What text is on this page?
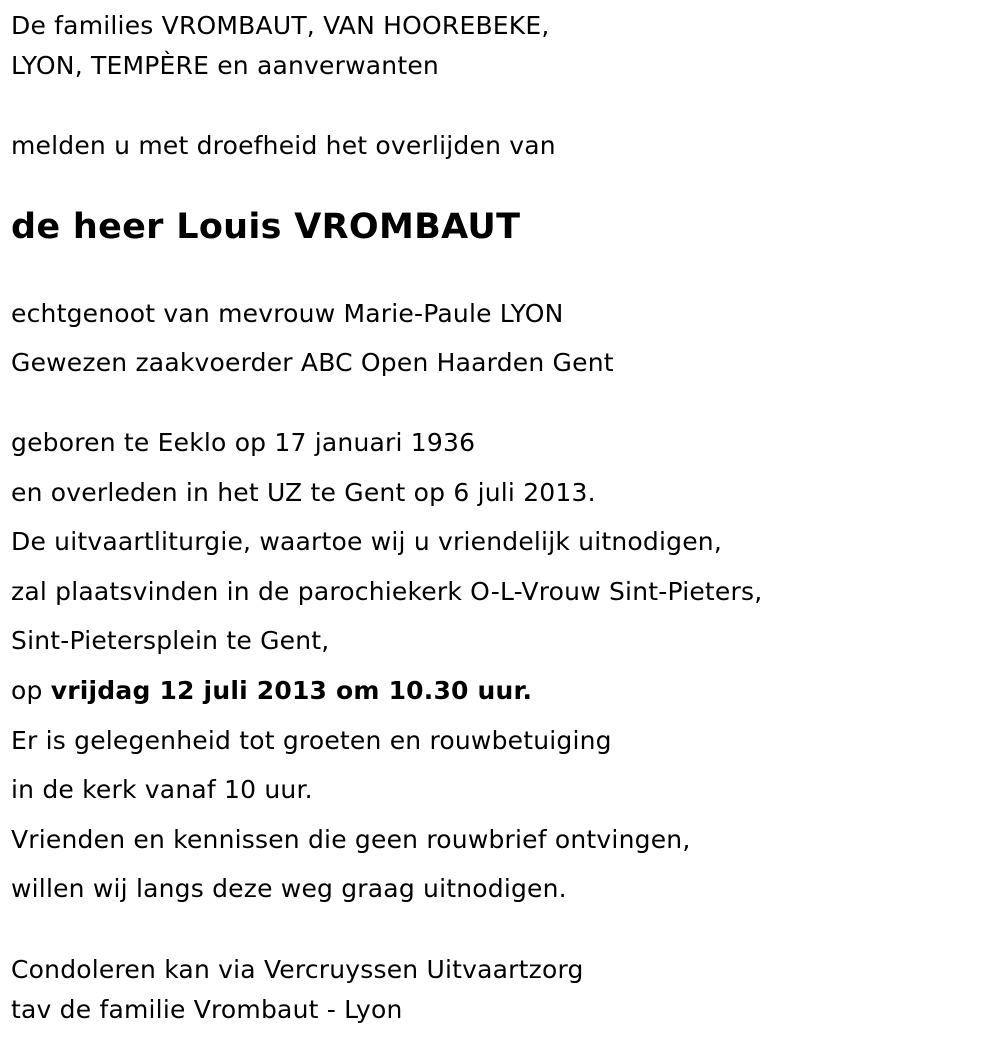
De families VROMBAUT, VAN HOOREBEKE,
LYON, TEMPÈRE en aanverwanten
melden u met droefheid het overlijden van
de heer Louis VROMBAUT
echtgenoot van mevrouw Marie-Paule LYON
Gewezen zaakvoerder ABC Open Haarden Gent
geboren te Eeklo op 17 januari 1936
en overleden in het UZ te Gent op 6 juli 2013.
De uitvaartliturgie, waartoe wij u vriendelijk uitnodigen,
zal plaatsvinden in de parochiekerk O-L-Vrouw Sint-Pieters,
Sint-Pietersplein te Gent,
op vrijdag 12 juli 2013 om 10.30 uur.
Er is gelegenheid tot groeten en rouwbetuiging
in de kerk vanaf 10 uur.
Vrienden en kennissen die geen rouwbrief ontvingen,
willen wij langs deze weg graag uitnodigen.
Condoleren kan via Vercruyssen Uitvaartzorg
tav de familie Vrombaut - Lyon
